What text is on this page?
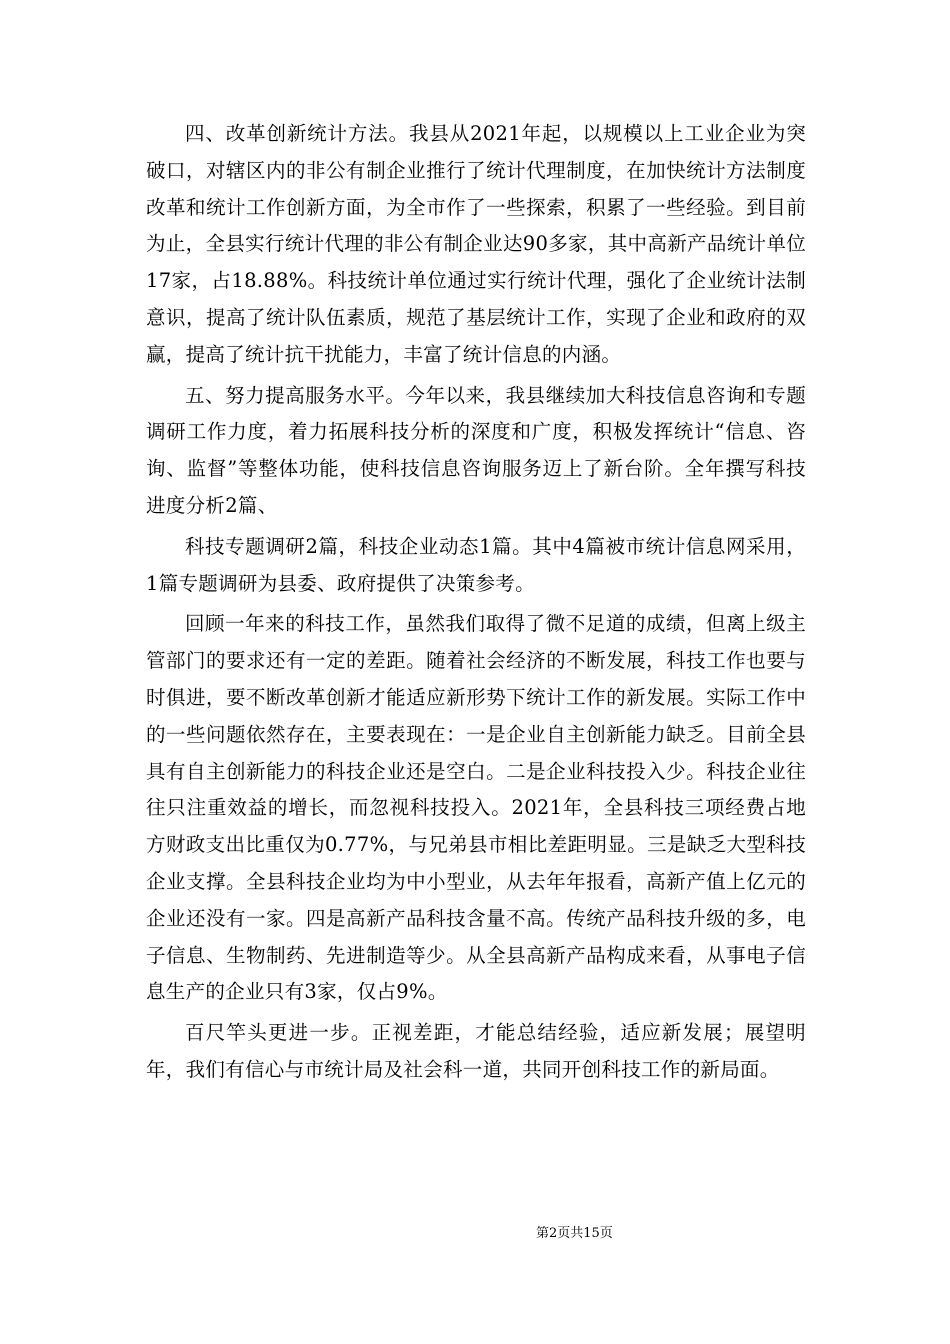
四、改革创新统计方法。我县从2021年起，以规模以上工业企业为突破口，对辖区内的非公有制企业推行了统计代理制度，在加快统计方法制度改革和统计工作创新方面，为全市作了一些探索，积累了一些经验。到目前为止，全县实行统计代理的非公有制企业达90多家，其中高新产品统计单位17家，占18.88%。科技统计单位通过实行统计代理，强化了企业统计法制意识，提高了统计队伍素质，规范了基层统计工作，实现了企业和政府的双赢，提高了统计抗干扰能力，丰富了统计信息的内涵。

五、努力提高服务水平。今年以来，我县继续加大科技信息咨询和专题调研工作力度，着力拓展科技分析的深度和广度，积极发挥统计“信息、咨询、监督”等整体功能，使科技信息咨询服务迈上了新台阶。全年撰写科技进度分析2篇、

科技专题调研2篇，科技企业动态1篇。其中4篇被市统计信息网采用，1篇专题调研为县委、政府提供了决策参考。

回顾一年来的科技工作，虽然我们取得了微不足道的成绩，但离上级主管部门的要求还有一定的差距。随着社会经济的不断发展，科技工作也要与时俱进，要不断改革创新才能适应新形势下统计工作的新发展。实际工作中的一些问题依然存在，主要表现在：一是企业自主创新能力缺乏。目前全县具有自主创新能力的科技企业还是空白。二是企业科技投入少。科技企业往往只注重效益的增长，而忽视科技投入。2021年，全县科技三项经费占地方财政支出比重仅为0.77%，与兄弟县市相比差距明显。三是缺乏大型科技企业支撑。全县科技企业均为中小型业，从去年年报看，高新产值上亿元的企业还没有一家。四是高新产品科技含量不高。传统产品科技升级的多，电子信息、生物制药、先进制造等少。从全县高新产品构成来看，从事电子信息生产的企业只有3家，仅占9%。

百尺竿头更进一步。正视差距，才能总结经验，适应新发展；展望明年，我们有信心与市统计局及社会科一道，共同开创科技工作的新局面。

第2页共15页
